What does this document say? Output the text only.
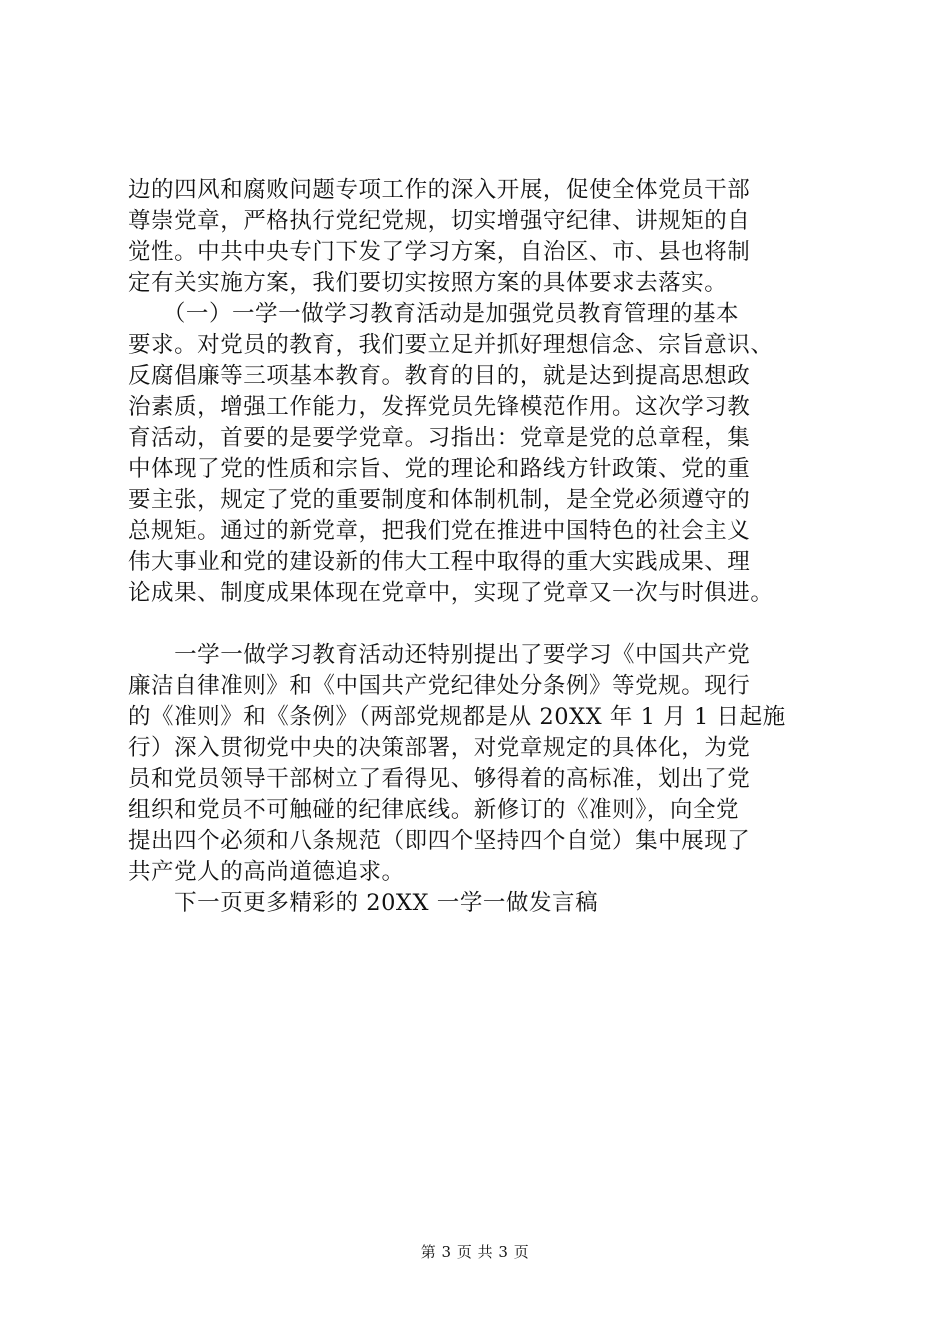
边的四风和腐败问题专项工作的深入开展，促使全体党员干部
尊崇党章，严格执行党纪党规，切实增强守纪律、讲规矩的自
觉性。中共中央专门下发了学习方案，自治区、市、县也将制
定有关实施方案，我们要切实按照方案的具体要求去落实。
　　（一）一学一做学习教育活动是加强党员教育管理的基本
要求。对党员的教育，我们要立足并抓好理想信念、宗旨意识、
反腐倡廉等三项基本教育。教育的目的，就是达到提高思想政
治素质，增强工作能力，发挥党员先锋模范作用。这次学习教
育活动，首要的是要学党章。习指出：党章是党的总章程，集
中体现了党的性质和宗旨、党的理论和路线方针政策、党的重
要主张，规定了党的重要制度和体制机制，是全党必须遵守的
总规矩。通过的新党章，把我们党在推进中国特色的社会主义
伟大事业和党的建设新的伟大工程中取得的重大实践成果、理
论成果、制度成果体现在党章中，实现了党章又一次与时俱进。
　　一学一做学习教育活动还特别提出了要学习《中国共产党
廉洁自律准则》和《中国共产党纪律处分条例》等党规。现行
的《准则》和《条例》（两部党规都是从 20XX 年 1 月 1 日起施
行）深入贯彻党中央的决策部署，对党章规定的具体化，为党
员和党员领导干部树立了看得见、够得着的高标准，划出了党
组织和党员不可触碰的纪律底线。新修订的《准则》，向全党
提出四个必须和八条规范（即四个坚持四个自觉）集中展现了
共产党人的高尚道德追求。
　　下一页更多精彩的 20XX 一学一做发言稿
第 3 页 共 3 页
